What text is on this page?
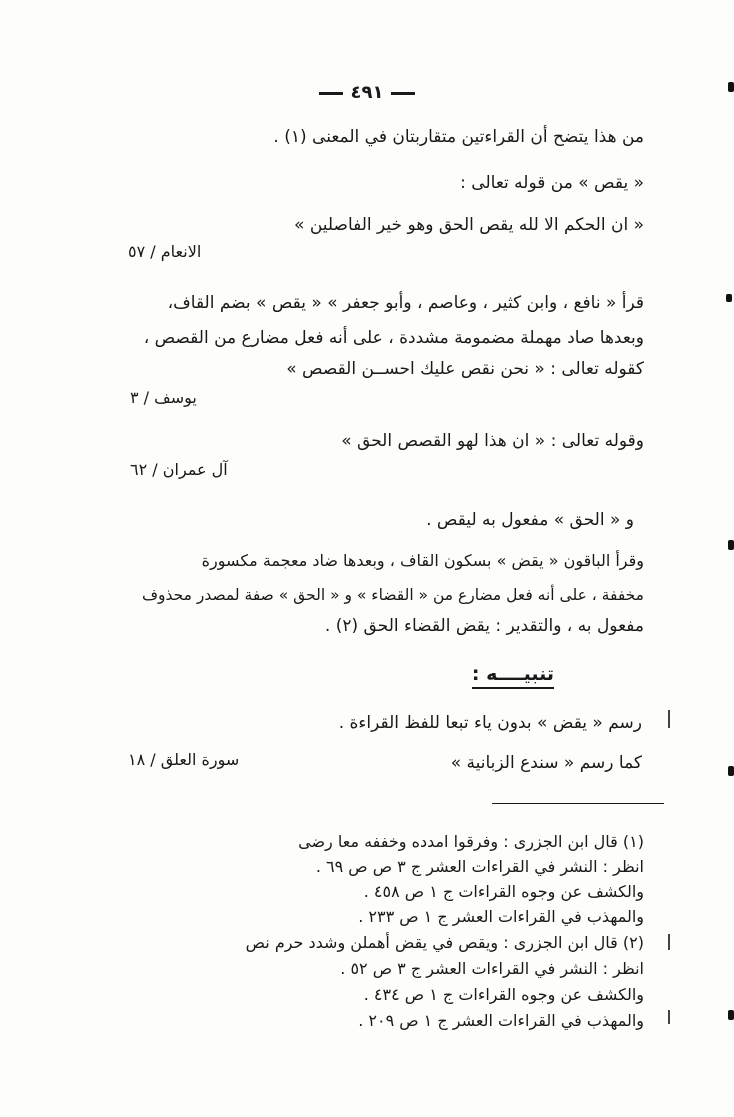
٤٩١
من هذا يتضح أن القراءتين متقاربتان في المعنى (١) .
« يقص » من قوله تعالى :
« ان الحكم الا لله يقص الحق وهو خير الفاصلين »
الانعام / ٥٧
قرأ « نافع ، وابن كثير ، وعاصم ، وأبو جعفر » « يقص » بضم القاف،
وبعدها صاد مهملة مضمومة مشددة ، على أنه فعل مضارع من القصص ،
كقوله تعالى : « نحن نقص عليك احســن القصص »
يوسف / ٣
وقوله تعالى : « ان هذا لهو القصص الحق »
آل عمران / ٦٢
و « الحق » مفعول به ليقص .
وقرأ الباقون « يقض » بسكون القاف ، وبعدها ضاد معجمة مكسورة
مخففة ، على أنه فعل مضارع من « القضاء » و « الحق » صفة لمصدر محذوف
مفعول به ، والتقدير : يقض القضاء الحق (٢) .
تنبيــــه :
رسم « يقض » بدون ياء تبعا للفظ القراءة .
كما رسم « سندع الزبانية »
سورة العلق / ١٨
(١) قال ابن الجزرى : وفرقوا امدده وخففه معا رضى
انظر : النشر في القراءات العشر ج ٣ ص ص ٦٩ .
والكشف عن وجوه القراءات ج ١ ص ٤٥٨ .
والمهذب في القراءات العشر ج ١ ص ٢٣٣ .
(٢) قال ابن الجزرى : ويقص في يقض أهملن وشدد حرم نص
انظر : النشر في القراءات العشر ج ٣ ص ٥٢ .
والكشف عن وجوه القراءات ج ١ ص ٤٣٤ .
والمهذب في القراءات العشر ج ١ ص ٢٠٩ .
